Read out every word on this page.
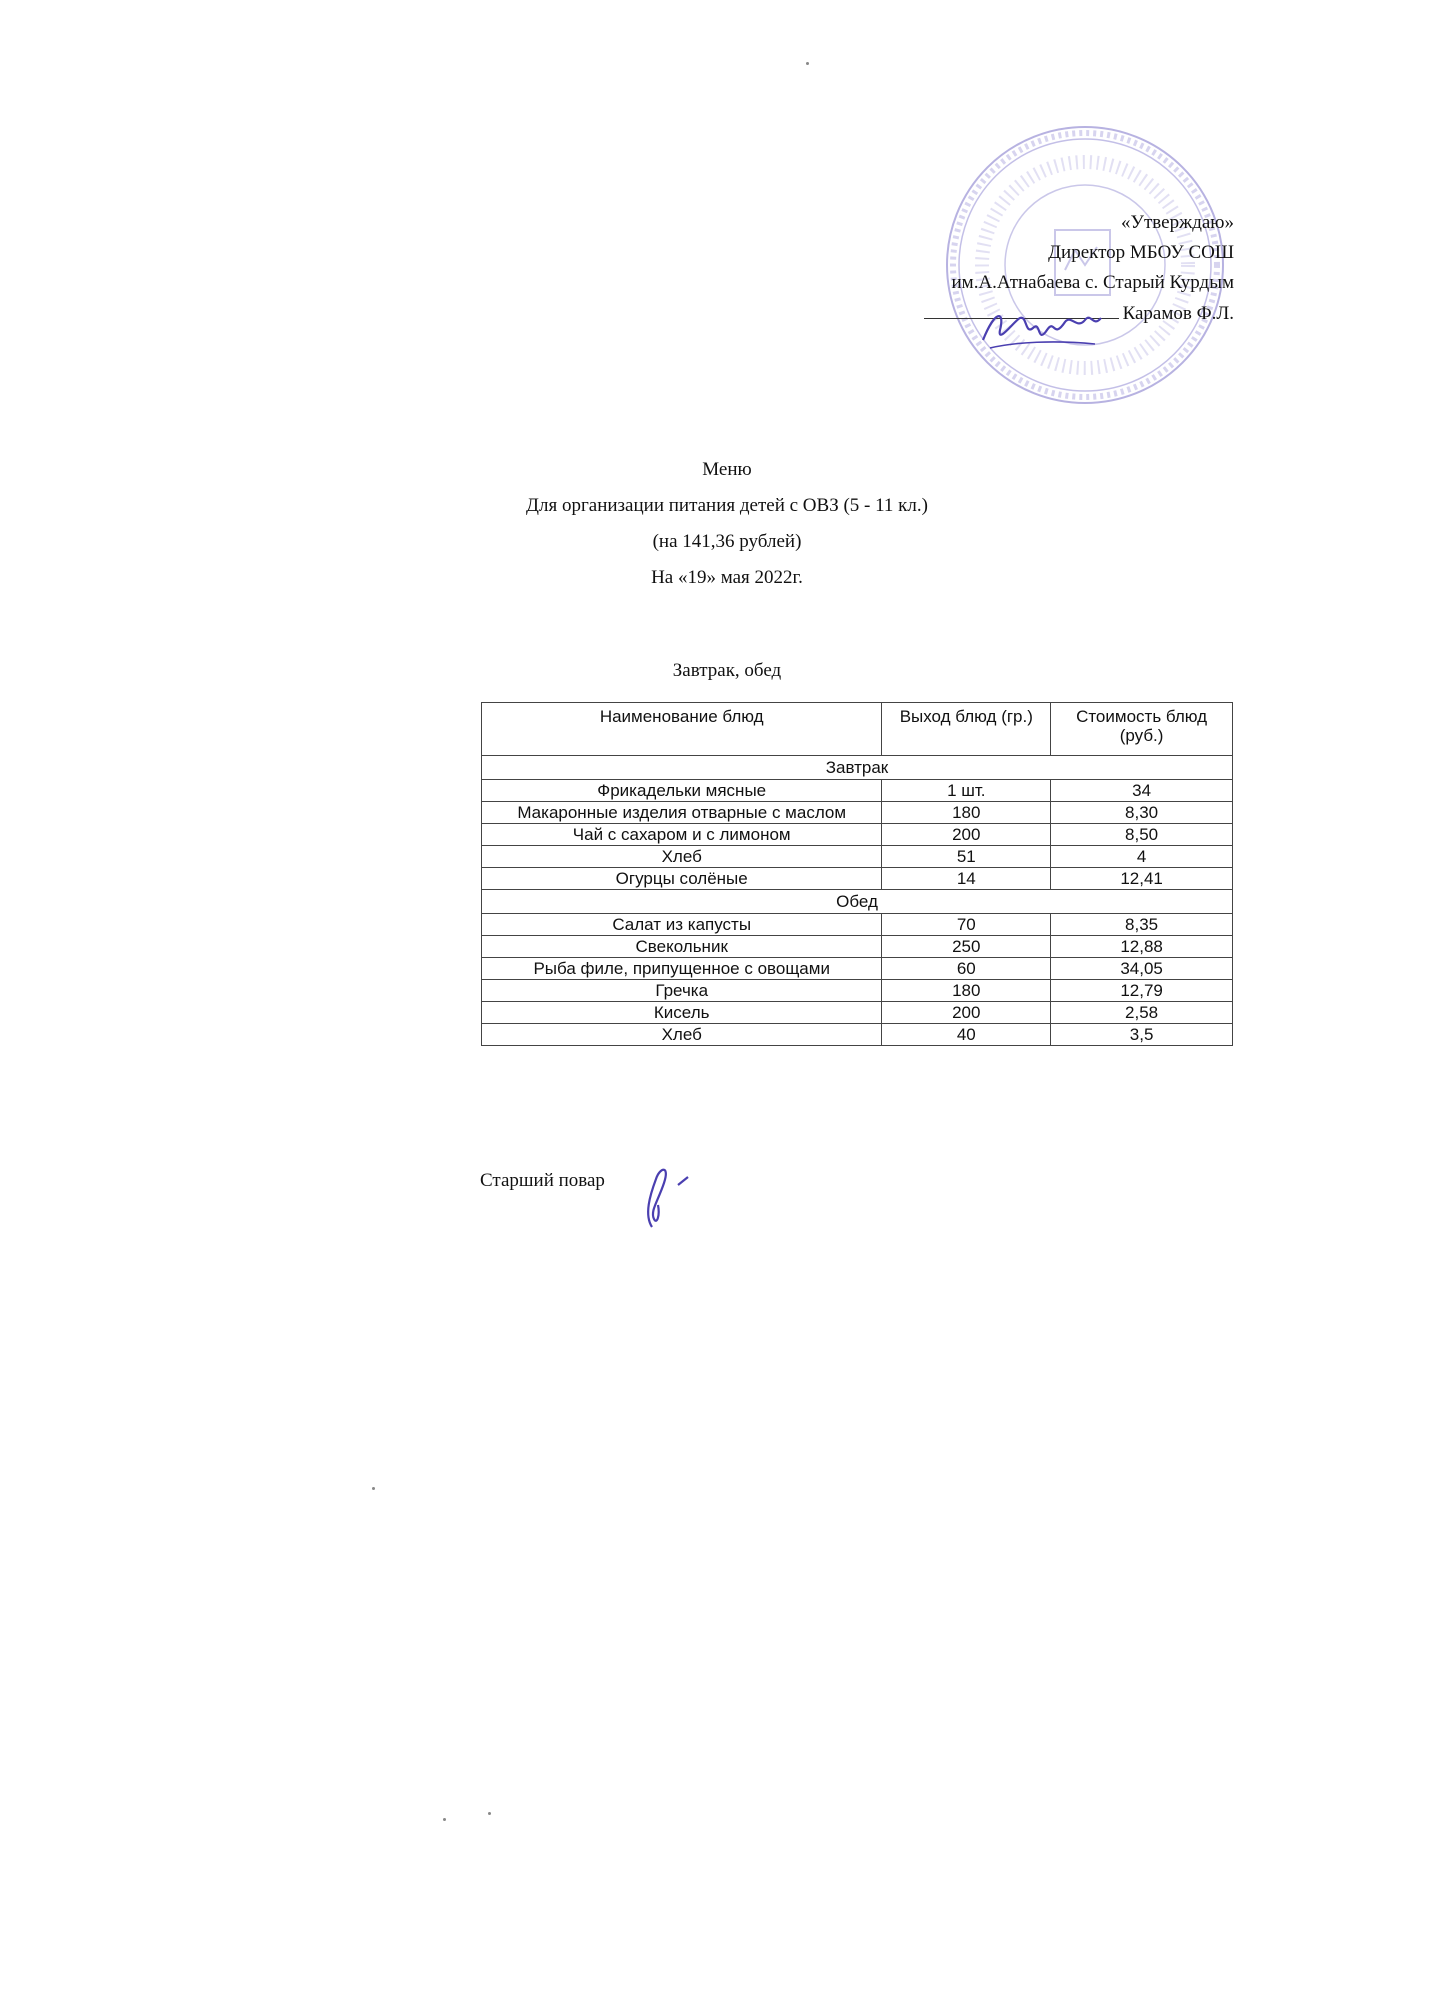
«Утверждаю»
Директор МБОУ СОШ
им.А.Атнабаева с. Старый Курдым
Карамов Ф.Л.
Меню
Для организации питания детей с ОВЗ (5 - 11 кл.)
(на 141,36 рублей)
На «19» мая 2022г.
Завтрак, обед
Наименование блюд	Выход блюд (гр.)	Стоимость блюд (руб.)
Завтрак		
Фрикадельки мясные	1 шт.	34
Макаронные изделия отварные с маслом	180	8,30
Чай с сахаром и с лимоном	200	8,50
Хлеб	51	4
Огурцы солёные	14	12,41
Обед		
Салат из капусты	70	8,35
Свекольник	250	12,88
Рыба филе, припущенное с овощами	60	34,05
Гречка	180	12,79
Кисель	200	2,58
Хлеб	40	3,5
Старший повар
